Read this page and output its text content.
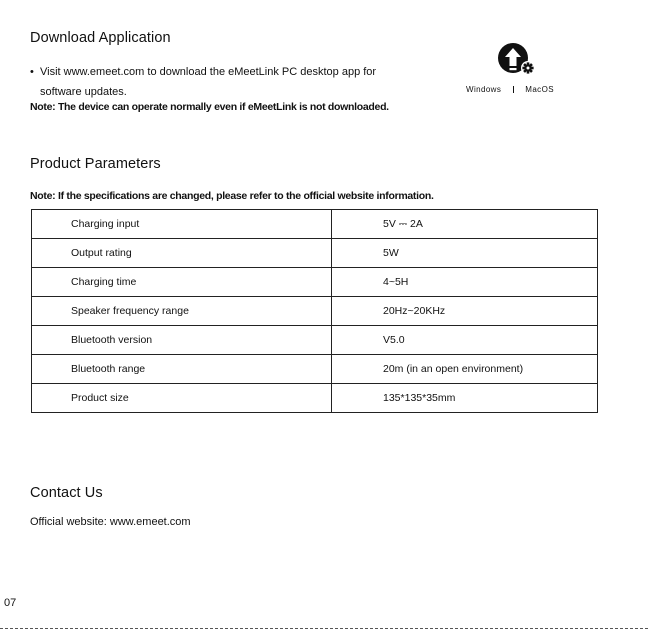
Download Application
• Visit www.emeet.com to download the eMeetLink PC desktop app for
software updates.
Note: The device can operate normally even if eMeetLink is not downloaded.
Windows	MacOS
Product Parameters
Note: If the specifications are changed, please refer to the official website information.
Charging input	5V ⎓ 2A
Output rating	5W
Charging time	4~5H
Speaker frequency range	20Hz~20KHz
Bluetooth version	V5.0
Bluetooth range	20m (in an open environment)
Product size	135*135*35mm
Contact Us
Official website: www.emeet.com
07
